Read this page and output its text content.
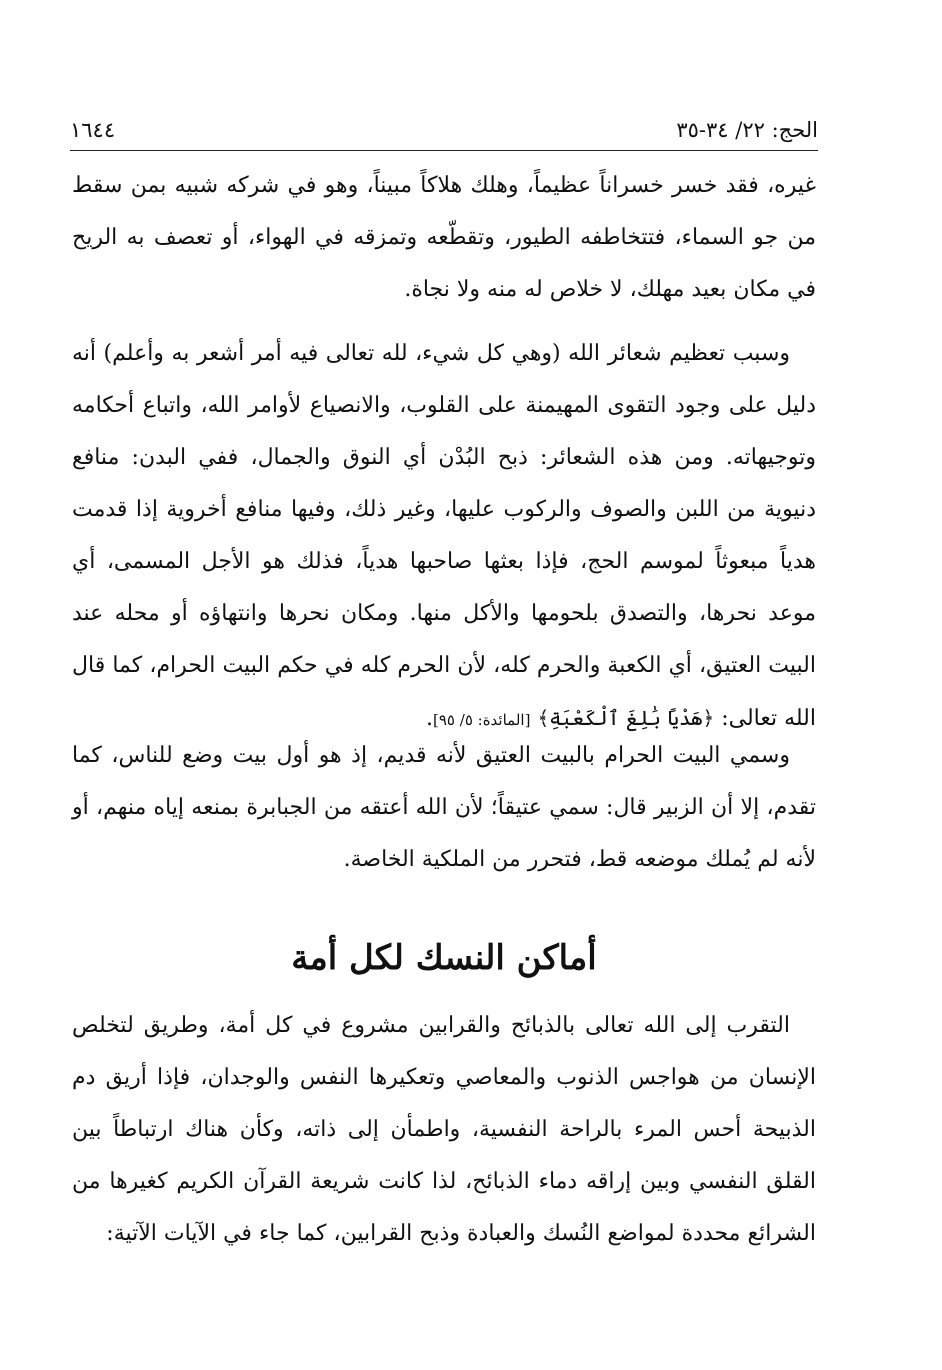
الحج: ٢٢/ ٣٤-٣٥
١٦٤٤

غيره، فقد خسر خسراناً عظيماً، وهلك هلاكاً مبيناً، وهو في شركه شبيه بمن سقط من جو السماء، فتتخاطفه الطيور، وتقطّعه وتمزقه في الهواء، أو تعصف به الريح في مكان بعيد مهلك، لا خلاص له منه ولا نجاة.

وسبب تعظيم شعائر الله (وهي كل شيء، لله تعالى فيه أمر أشعر به وأعلم) أنه دليل على وجود التقوى المهيمنة على القلوب، والانصياع لأوامر الله، واتباع أحكامه وتوجيهاته. ومن هذه الشعائر: ذبح البُدْن أي النوق والجمال، ففي البدن: منافع دنيوية من اللبن والصوف والركوب عليها، وغير ذلك، وفيها منافع أخروية إذا قدمت هدياً مبعوثاً لموسم الحج، فإذا بعثها صاحبها هدياً، فذلك هو الأجل المسمى، أي موعد نحرها، والتصدق بلحومها والأكل منها. ومكان نحرها وانتهاؤه أو محله عند البيت العتيق، أي الكعبة والحرم كله، لأن الحرم كله في حكم البيت الحرام، كما قال الله تعالى: ﴿هَدْيًا بَٰلِغَ ٱلْكَعْبَةِ﴾ [المائدة: ٥/ ٩٥].

وسمي البيت الحرام بالبيت العتيق لأنه قديم، إذ هو أول بيت وضع للناس، كما تقدم، إلا أن الزبير قال: سمي عتيقاً؛ لأن الله أعتقه من الجبابرة بمنعه إياه منهم، أو لأنه لم يُملك موضعه قط، فتحرر من الملكية الخاصة.

أماكن النسك لكل أمة

التقرب إلى الله تعالى بالذبائح والقرابين مشروع في كل أمة، وطريق لتخلص الإنسان من هواجس الذنوب والمعاصي وتعكيرها النفس والوجدان، فإذا أريق دم الذبيحة أحس المرء بالراحة النفسية، واطمأن إلى ذاته، وكأن هناك ارتباطاً بين القلق النفسي وبين إراقه دماء الذبائح، لذا كانت شريعة القرآن الكريم كغيرها من الشرائع محددة لمواضع النُسك والعبادة وذبح القرابين، كما جاء في الآيات الآتية:
